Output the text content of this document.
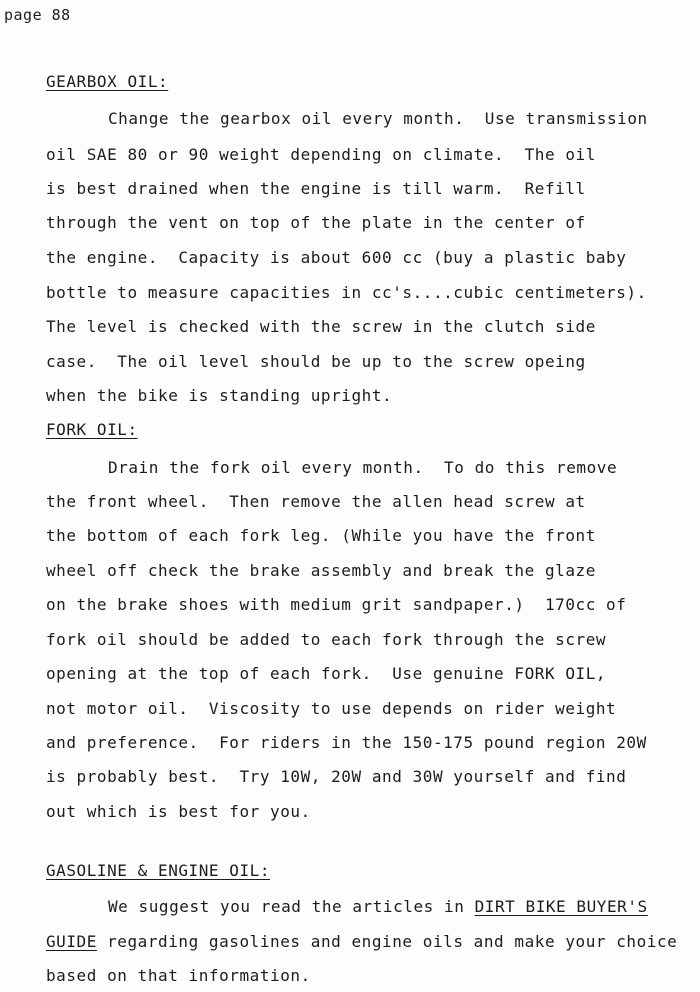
page 88
GEARBOX OIL:
Change the gearbox oil every month.  Use transmission
oil SAE 80 or 90 weight depending on climate.  The oil
is best drained when the engine is till warm.  Refill
through the vent on top of the plate in the center of
the engine.  Capacity is about 600 cc (buy a plastic baby
bottle to measure capacities in cc's....cubic centimeters).
The level is checked with the screw in the clutch side
case.  The oil level should be up to the screw opeing
when the bike is standing upright.
FORK OIL:
Drain the fork oil every month.  To do this remove
the front wheel.  Then remove the allen head screw at
the bottom of each fork leg. (While you have the front
wheel off check the brake assembly and break the glaze
on the brake shoes with medium grit sandpaper.)  170cc of
fork oil should be added to each fork through the screw
opening at the top of each fork.  Use genuine FORK OIL,
not motor oil.  Viscosity to use depends on rider weight
and preference.  For riders in the 150-175 pound region 20W
is probably best.  Try 10W, 20W and 30W yourself and find
out which is best for you.
GASOLINE & ENGINE OIL:
We suggest you read the articles in DIRT BIKE BUYER'S
GUIDE regarding gasolines and engine oils and make your choice
based on that information.
